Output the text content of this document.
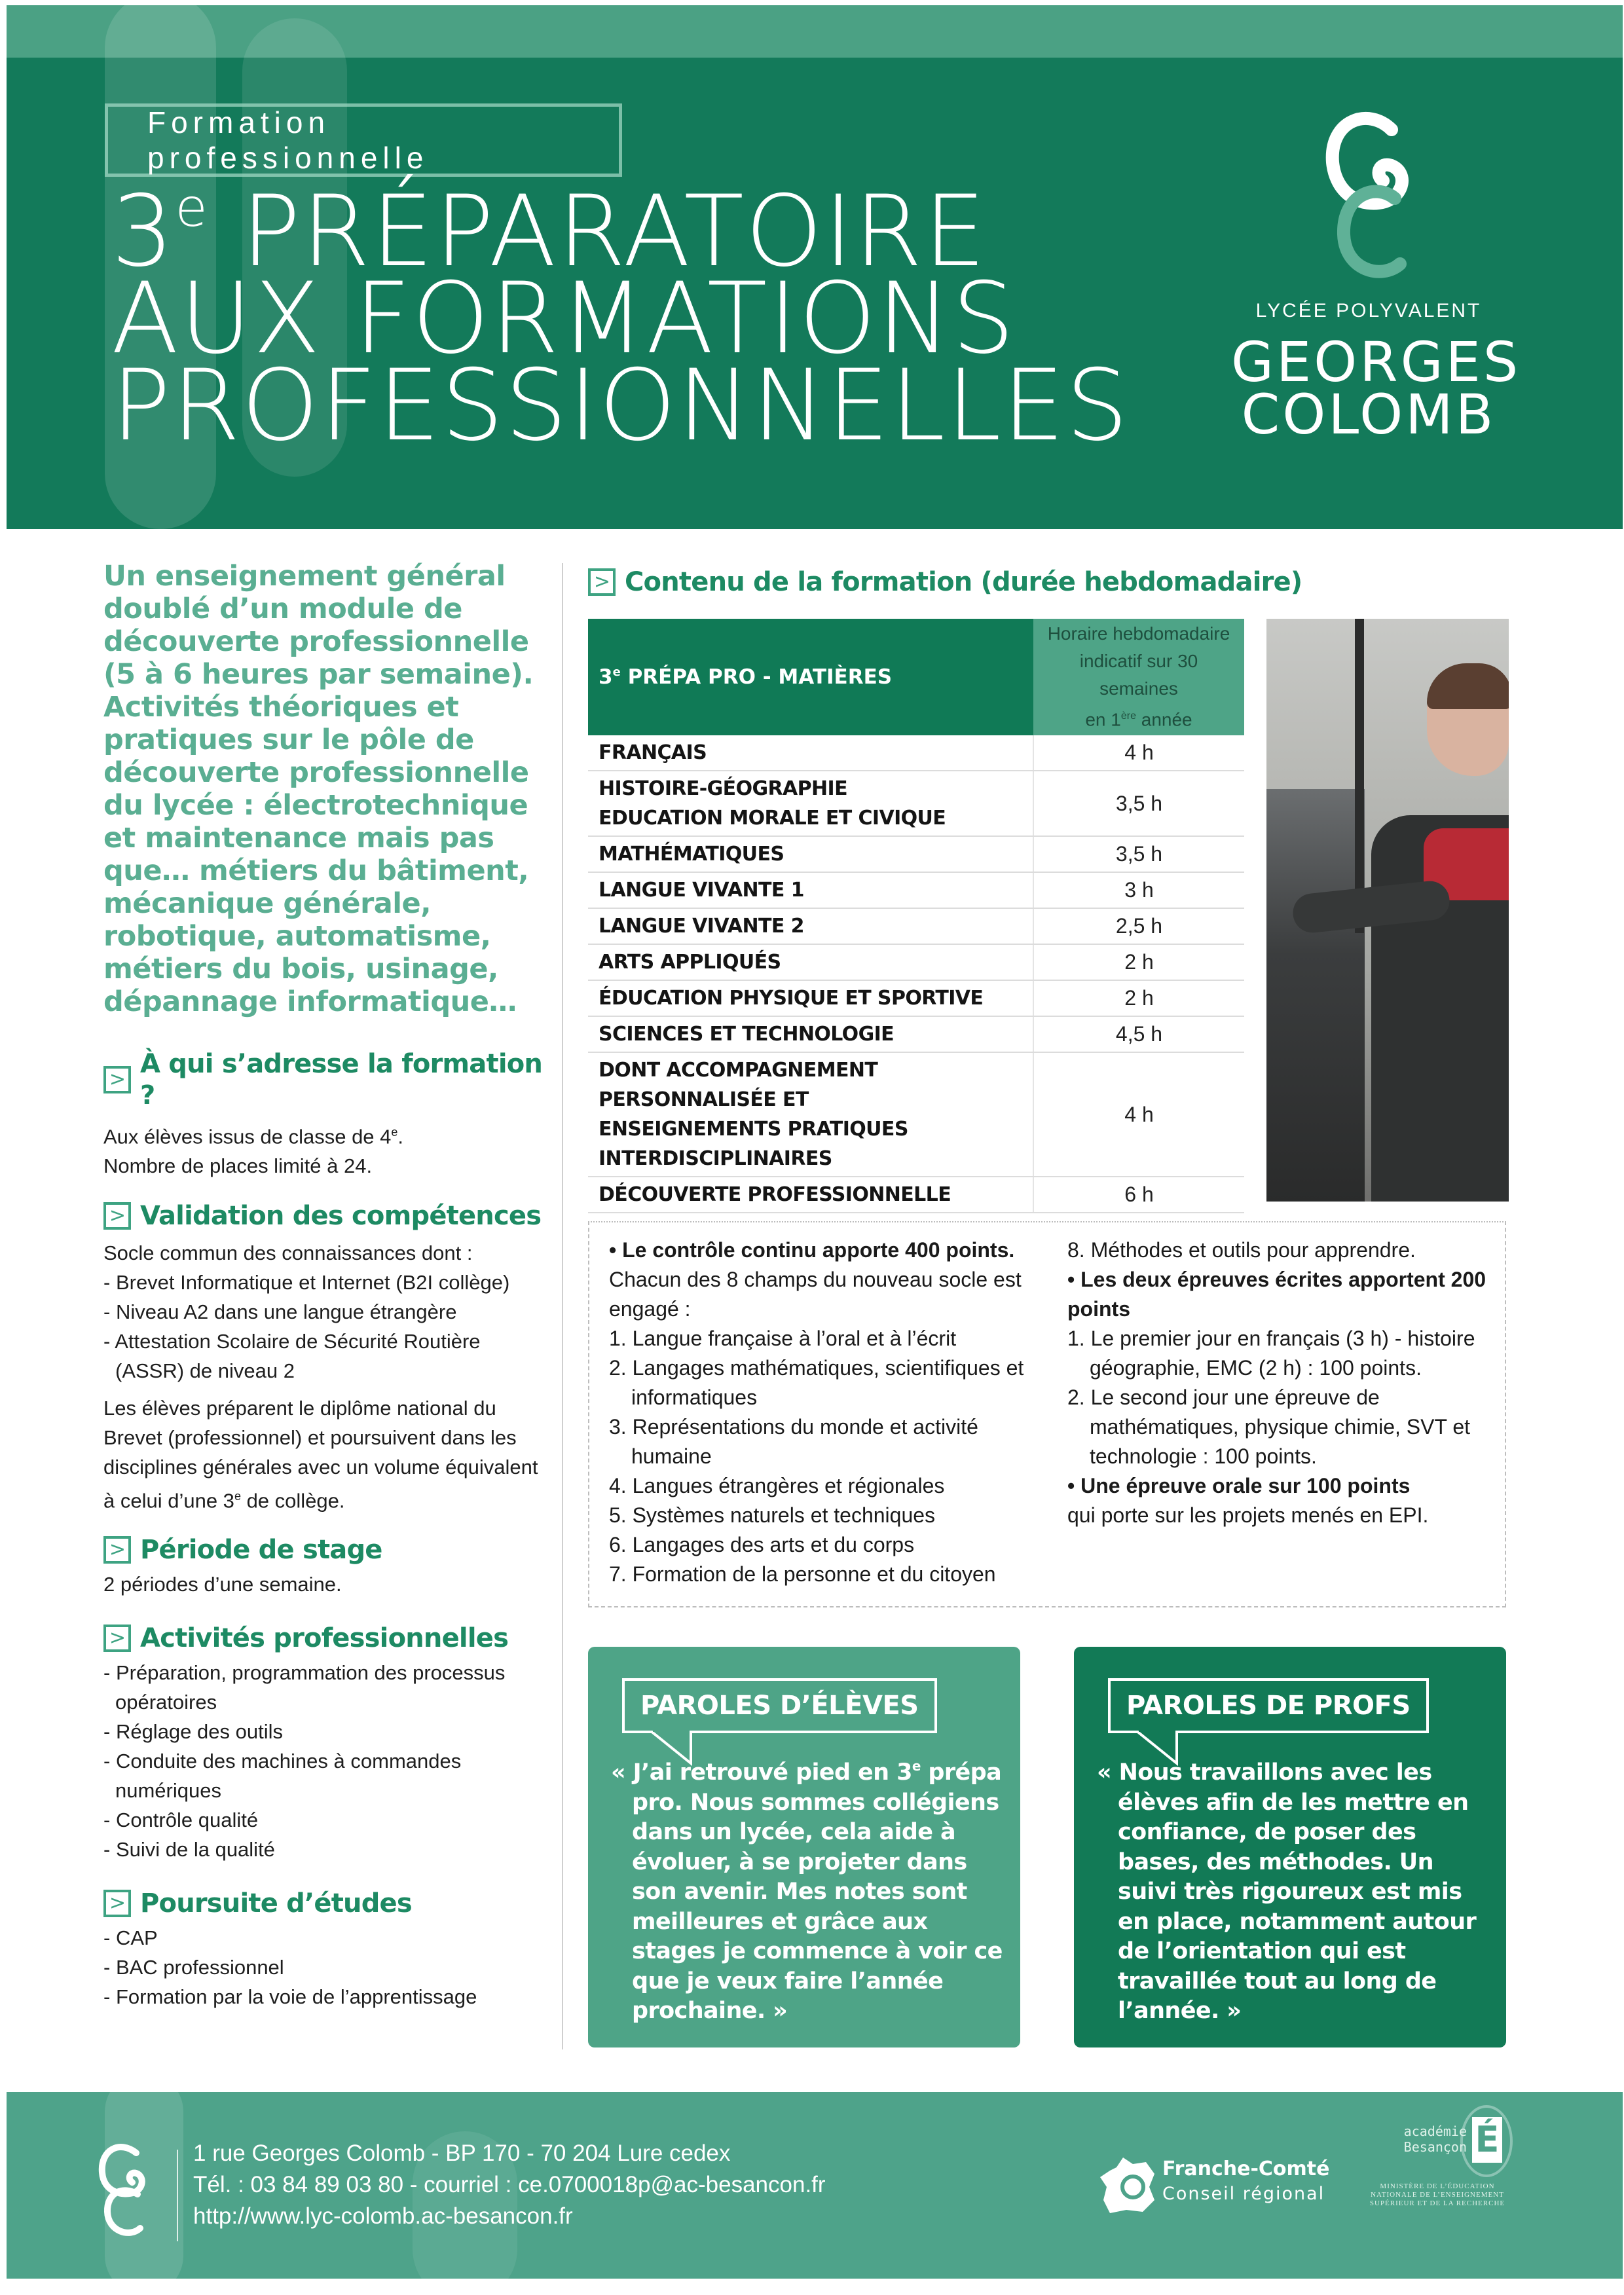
Formation professionnelle
3e PRÉPARATOIRE
AUX FORMATIONS
PROFESSIONNELLES
LYCÉE POLYVALENT
GEORGES
COLOMB

Un enseignement général doublé d’un module de découverte professionnelle (5 à 6 heures par semaine). Activités théoriques et pratiques sur le pôle de découverte professionnelle du lycée : électrotechnique et maintenance mais pas que… métiers du bâtiment, mécanique générale, robotique, automatisme, métiers du bois, usinage, dépannage informatique…

>
À qui s’adresse la formation ?
Aux élèves issus de classe de 4e.
Nombre de places limité à 24.
> Validation des compétences
Socle commun des connaissances dont :
- Brevet Informatique et Internet (B2I collège)
- Niveau A2 dans une langue étrangère
- Attestation Scolaire de Sécurité Routière (ASSR) de niveau 2

Les élèves préparent le diplôme national du Brevet (professionnel) et poursuivent dans les disciplines générales avec un volume équivalent à celui d’une 3e de collège.

> Période de stage
2 périodes d’une semaine.
> Activités professionnelles
- Préparation, programmation des processus opératoires
- Réglage des outils
- Conduite des machines à commandes numériques
- Contrôle qualité
- Suivi de la qualité
> Poursuite d’études
- CAP
- BAC professionnel
- Formation par la voie de l’apprentissage
> Contenu de la formation (durée hebdomadaire)
3e PRÉPA PRO - MATIÈRES	Horaire hebdomadaire
indicatif sur 30
semaines
en 1ère année

FRANÇAIS	4 h

HISTOIRE-GÉOGRAPHIE
EDUCATION MORALE ET CIVIQUE	3,5 h
MATHÉMATIQUES	3,5 h
LANGUE VIVANTE 1	3 h
LANGUE VIVANTE 2	2,5 h
ARTS APPLIQUÉS	2 h
ÉDUCATION PHYSIQUE ET SPORTIVE	2 h
SCIENCES ET TECHNOLOGIE	4,5 h

DONT ACCOMPAGNEMENT
PERSONNALISÉE ET
ENSEIGNEMENTS PRATIQUES
INTERDISCIPLINAIRES	4 h
DÉCOUVERTE PROFESSIONNELLE	6 h

• Le contrôle continu apporte 400 points. Chacun des 8 champs du nouveau socle est engagé :

1. Langue française à l’oral et à l’écrit
2. Langages mathématiques, scientifiques et informatiques
3. Représentations du monde et activité humaine
4. Langues étrangères et régionales
5. Systèmes naturels et techniques
6. Langages des arts et du corps
7. Formation de la personne et du citoyen
8. Méthodes et outils pour apprendre.

• Les deux épreuves écrites apportent 200 points

1. Le premier jour en français (3 h) - histoire géographie, EMC (2 h) : 100 points.
2. Le second jour une épreuve de mathématiques, physique chimie, SVT et technologie : 100 points.

• Une épreuve orale sur 100 points

qui porte sur les projets menés en EPI.

PAROLES D’ÉLÈVES

« J’ai retrouvé pied en 3e prépa pro. Nous sommes collégiens dans un lycée, cela aide à évoluer, à se projeter dans son avenir. Mes notes sont meilleures et grâce aux stages je commence à voir ce que je veux faire l’année prochaine. »

PAROLES DE PROFS

« Nous travaillons avec les élèves afin de les mettre en confiance, de poser des bases, des méthodes. Un suivi très rigoureux est mis en place, notamment autour de l’orientation qui est travaillée tout au long de l’année. »

1 rue Georges Colomb - BP 170 - 70 204 Lure cedex
Tél. : 03 84 89 03 80 - courriel : ce.0700018p@ac-besancon.fr
http://www.lyc-colomb.ac-besancon.fr
Franche-Comté
Conseil régional
académie
Besançon É
MINISTÈRE DE L’ÉDUCATION NATIONALE DE L’ENSEIGNEMENT SUPÉRIEUR ET DE LA RECHERCHE
